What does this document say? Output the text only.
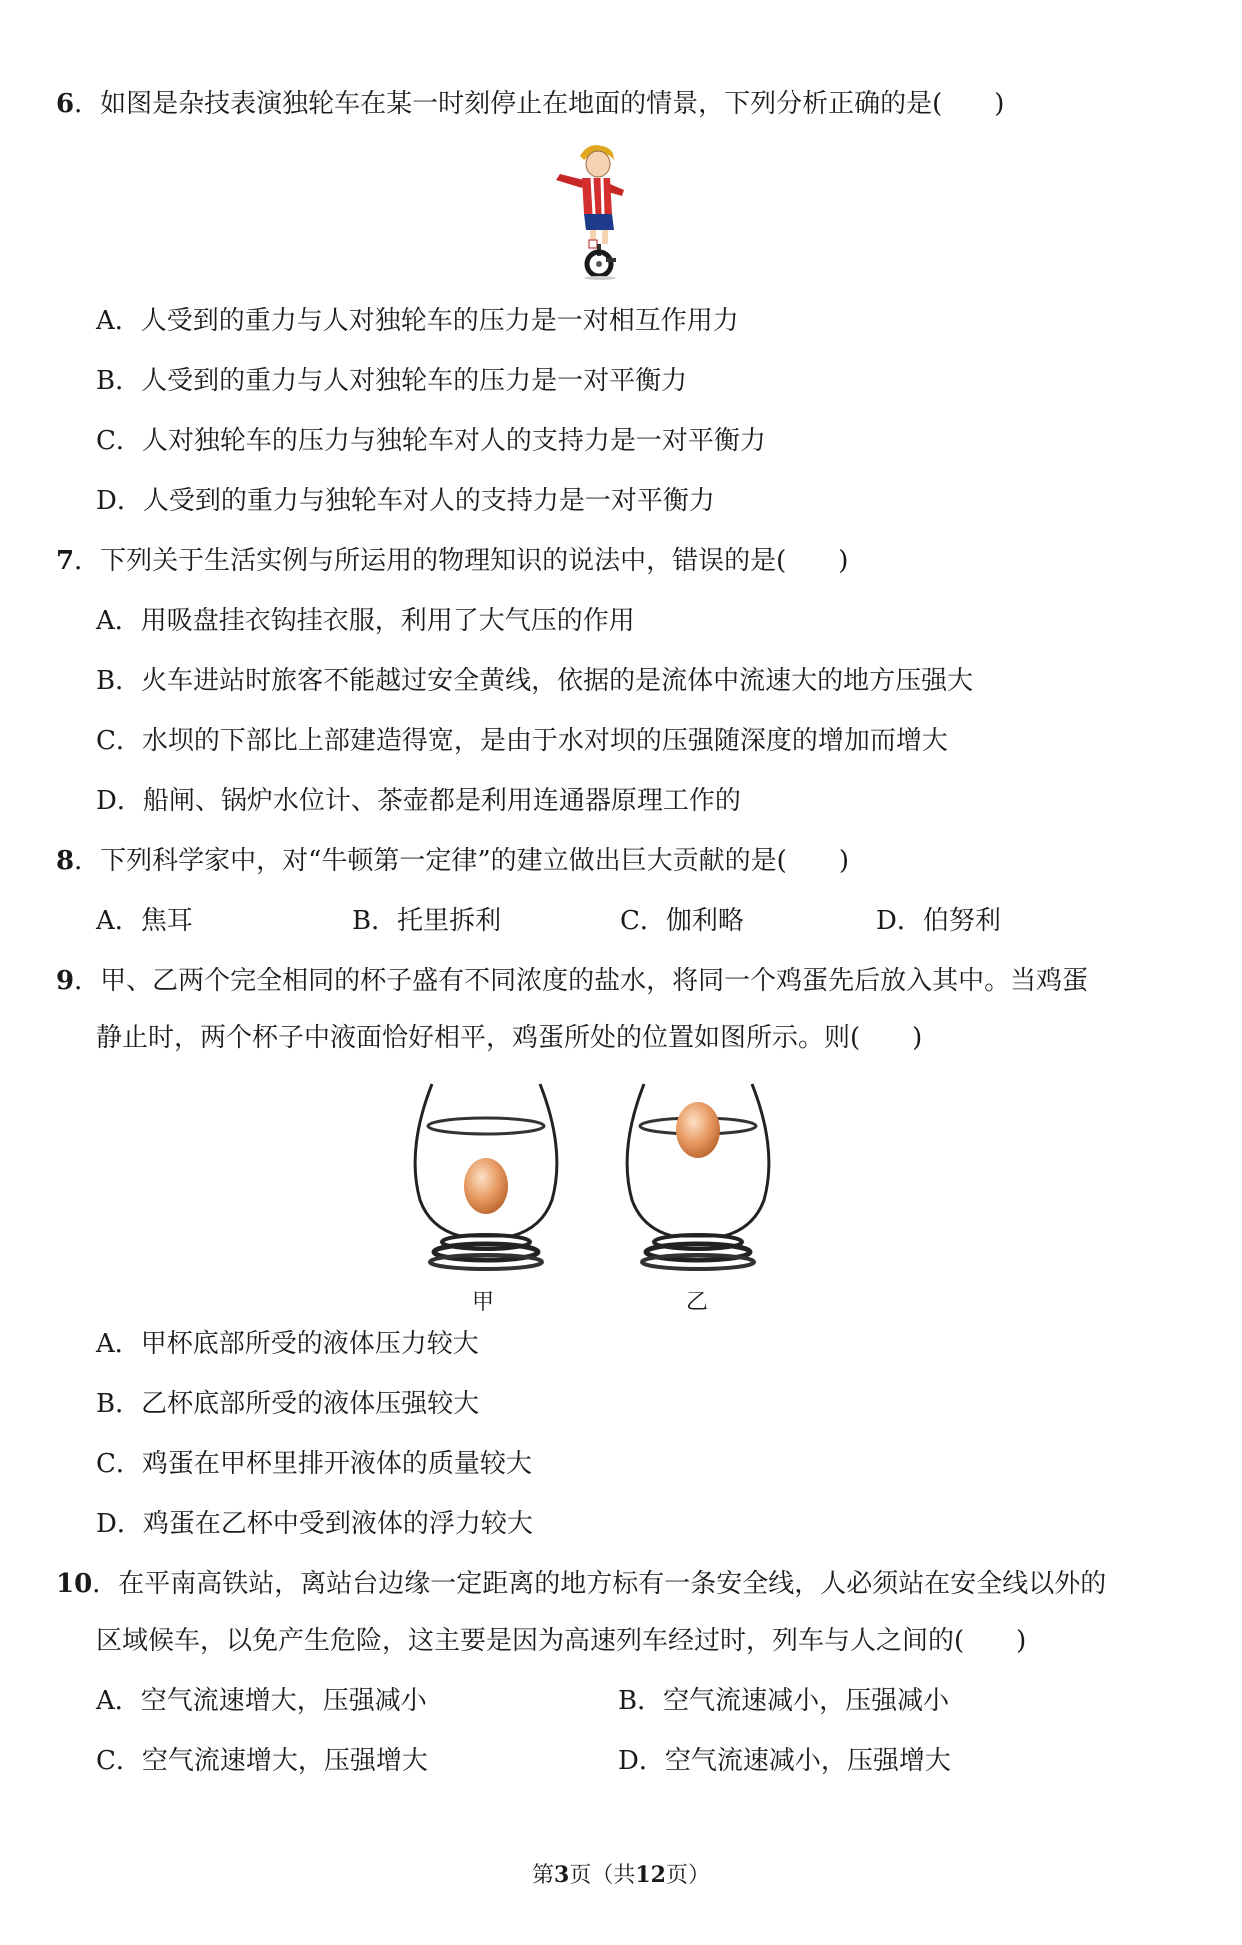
6．如图是杂技表演独轮车在某一时刻停止在地面的情景，下列分析正确的是(　　)
A．人受到的重力与人对独轮车的压力是一对相互作用力
B．人受到的重力与人对独轮车的压力是一对平衡力
C．人对独轮车的压力与独轮车对人的支持力是一对平衡力
D．人受到的重力与独轮车对人的支持力是一对平衡力
7．下列关于生活实例与所运用的物理知识的说法中，错误的是(　　)
A．用吸盘挂衣钩挂衣服，利用了大气压的作用
B．火车进站时旅客不能越过安全黄线，依据的是流体中流速大的地方压强大
C．水坝的下部比上部建造得宽，是由于水对坝的压强随深度的增加而增大
D．船闸、锅炉水位计、茶壶都是利用连通器原理工作的
8．下列科学家中，对“牛顿第一定律”的建立做出巨大贡献的是(　　)
A．焦耳	B．托里拆利	C．伽利略	D．伯努利
9．甲、乙两个完全相同的杯子盛有不同浓度的盐水，将同一个鸡蛋先后放入其中。当鸡蛋
静止时，两个杯子中液面恰好相平，鸡蛋所处的位置如图所示。则(　　)
甲	乙
A．甲杯底部所受的液体压力较大
B．乙杯底部所受的液体压强较大
C．鸡蛋在甲杯里排开液体的质量较大
D．鸡蛋在乙杯中受到液体的浮力较大
10．在平南高铁站，离站台边缘一定距离的地方标有一条安全线，人必须站在安全线以外的
区域候车，以免产生危险，这主要是因为高速列车经过时，列车与人之间的(　　)
A．空气流速增大，压强减小	B．空气流速减小，压强减小
C．空气流速增大，压强增大	D．空气流速减小，压强增大
第3页（共12页）
